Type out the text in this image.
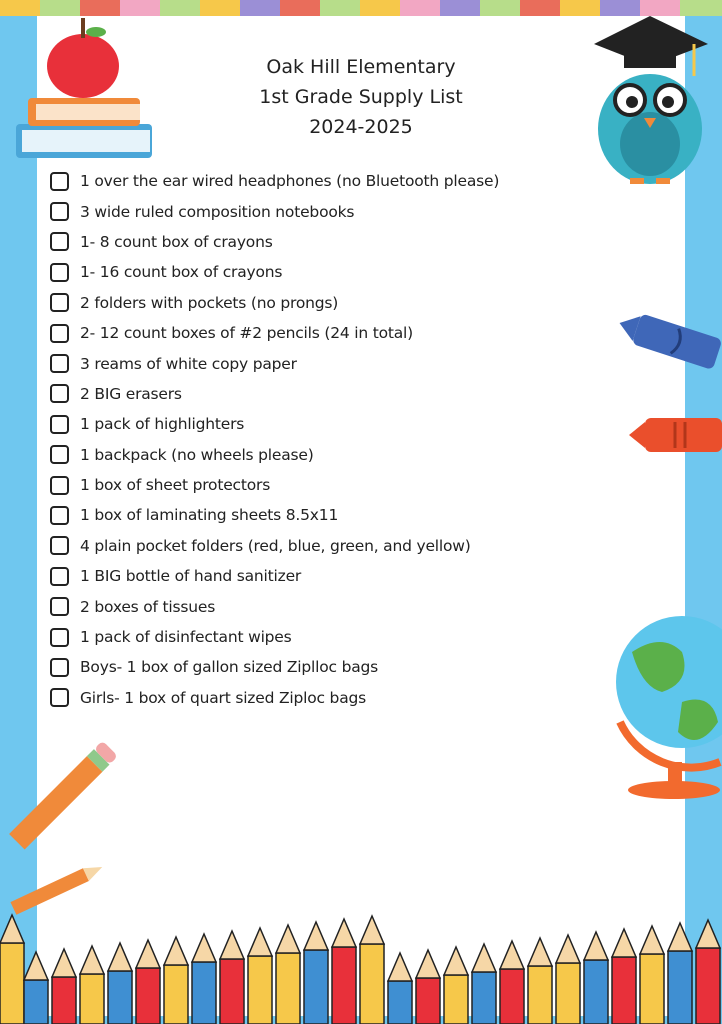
Oak Hill Elementary
1st Grade Supply List
2024-2025
1 over the ear wired headphones (no Bluetooth please)
3 wide ruled composition notebooks
1- 8 count box of crayons
1- 16 count box of crayons
2 folders with pockets (no prongs)
2- 12 count boxes of #2 pencils (24 in total)
3 reams of white copy paper
2 BIG erasers
1 pack of highlighters
1 backpack (no wheels please)
1 box of sheet protectors
1 box of laminating sheets 8.5x11
4 plain pocket folders (red, blue, green, and yellow)
1 BIG bottle of hand sanitizer
2 boxes of tissues
1 pack of disinfectant wipes
Boys- 1 box of gallon sized Ziplloc bags
Girls- 1 box of quart sized Ziploc bags
